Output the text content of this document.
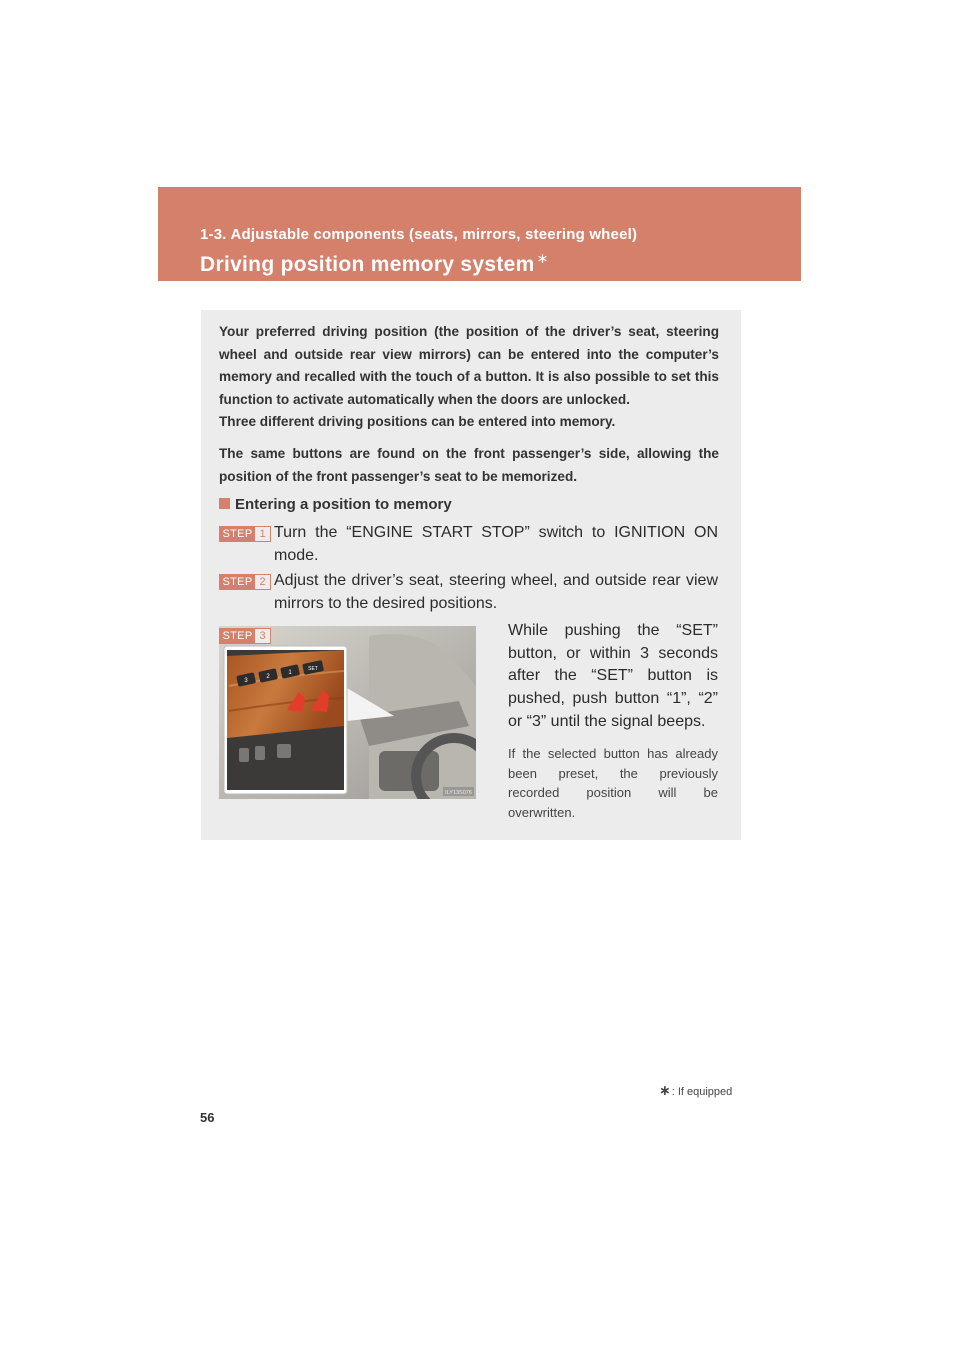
1-3. Adjustable components (seats, mirrors, steering wheel)
Driving position memory system ∗

Your preferred driving position (the position of the driver’s seat, steering wheel and outside rear view mirrors) can be entered into the computer’s memory and recalled with the touch of a button. It is also possible to set this function to activate automatically when the doors are unlocked.
Three different driving positions can be entered into memory.

The same buttons are found on the front passenger’s side, allowing the position of the front passenger’s seat to be memorized.

Entering a position to memory
STEP 1 Turn the “ENGINE START STOP” switch to IGNITION ON mode.

STEP 2 Adjust the driver’s seat, steering wheel, and outside rear view mirrors to the desired positions.

STEP 3
3
2
1
SET
ILY13S076

While pushing the “SET” button, or within 3 seconds after the “SET” button is pushed, push button “1”, “2” or “3” until the signal beeps.

If the selected button has already been preset, the previously recorded position will be overwritten.

∗: If equipped
56
